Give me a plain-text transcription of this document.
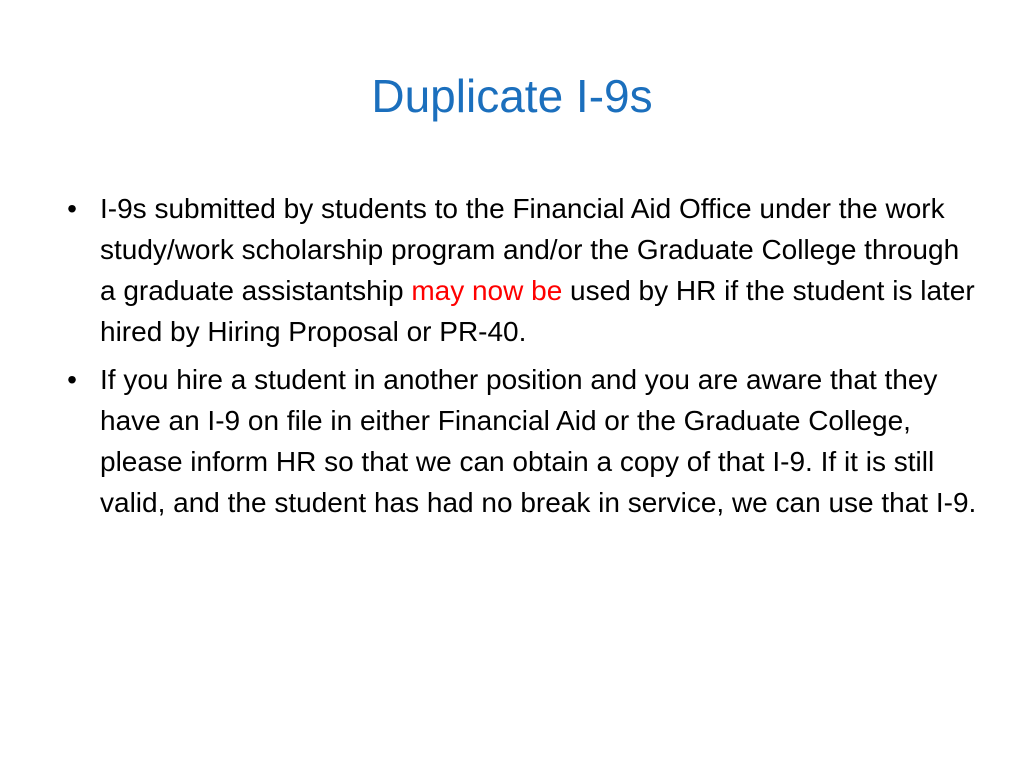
Duplicate I-9s
• I-9s submitted by students to the Financial Aid Office under the work study/work scholarship program and/or the Graduate College through a graduate assistantship may now be used by HR if the student is later hired by Hiring Proposal or PR-40.
• If you hire a student in another position and you are aware that they have an I-9 on file in either Financial Aid or the Graduate College, please inform HR so that we can obtain a copy of that I-9. If it is still valid, and the student has had no break in service, we can use that I-9.
